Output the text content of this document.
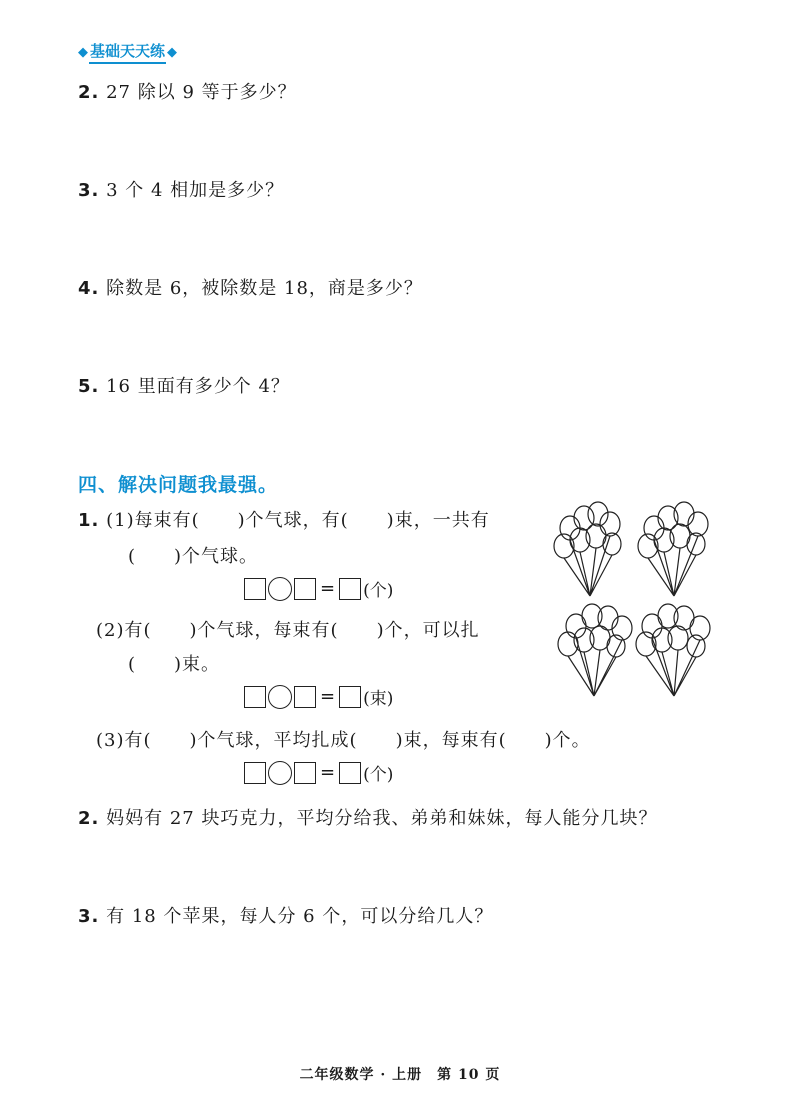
◆ 基础天天练 ◆
2. 27 除以 9 等于多少？
3. 3 个 4 相加是多少？
4. 除数是 6，被除数是 18，商是多少？
5. 16 里面有多少个 4？
四、解决问题我最强。
1. (1)每束有(　　)个气球，有(　　)束，一共有
(　　)个气球。
= (个)
(2)有(　　)个气球，每束有(　　)个，可以扎
(　　)束。
= (束)
(3)有(　　)个气球，平均扎成(　　)束，每束有(　　)个。
= (个)
2. 妈妈有 27 块巧克力，平均分给我、弟弟和妹妹，每人能分几块？
3. 有 18 个苹果，每人分 6 个，可以分给几人？
二年级数学 · 上册　第 10 页
